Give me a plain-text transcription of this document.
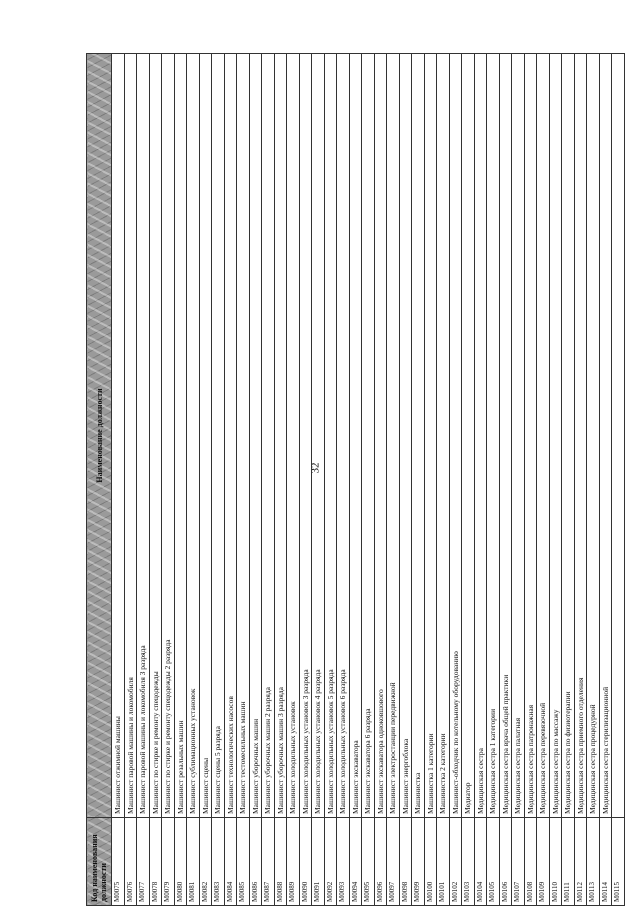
32
Код наименования должности	Наименование должности
M0075	Машинист отжимной машины
M0076	Машинист паровой машины и локомобиля
M0077	Машинист паровой машины и локомобиля 3 разряда
M0078	Машинист по стирке и ремонту спецодежды
M0079	Машинист по стирке и ремонту спецодежды 2 разряда
M0080	Машинист резальных машин
M0081	Машинист сублимационных установок
M0082	Машинист сцены
M0083	Машинист сцены 5 разряда
M0084	Машинист технологических насосов
M0085	Машинист тестомесильных машин
M0086	Машинист уборочных машин
M0087	Машинист уборочных машин 2 разряда
M0088	Машинист уборочных машин 3 разряда
M0089	Машинист холодильных установок
M0090	Машинист холодильных установок 3 разряда
M0091	Машинист холодильных установок 4 разряда
M0092	Машинист холодильных установок 5 разряда
M0093	Машинист холодильных установок 6 разряда
M0094	Машинист экскаватора
M0095	Машинист экскаватора 6 разряда
M0096	Машинист экскаватора одноковшового
M0097	Машинист электростанции передвижной
M0098	Машинист энергоблока
M0099	Машинистка
M0100	Машинистка 1 категории
M0101	Машинистка 2 категории
M0102	Машинист-обходчик по котельному оборудованию
M0103	Медиатор
M0104	Медицинская сестра
M0105	Медицинская сестра 1 категории
M0106	Медицинская сестра врача общей практики
M0107	Медицинская сестра палатная
M0108	Медицинская сестра патронажная
M0109	Медицинская сестра перевязочной
M0110	Медицинская сестра по массажу
M0111	Медицинская сестра по физиотерапии
M0112	Медицинская сестра приемного отделения
M0113	Медицинская сестра процедурной
M0114	Медицинская сестра стерилизационной
M0115	
